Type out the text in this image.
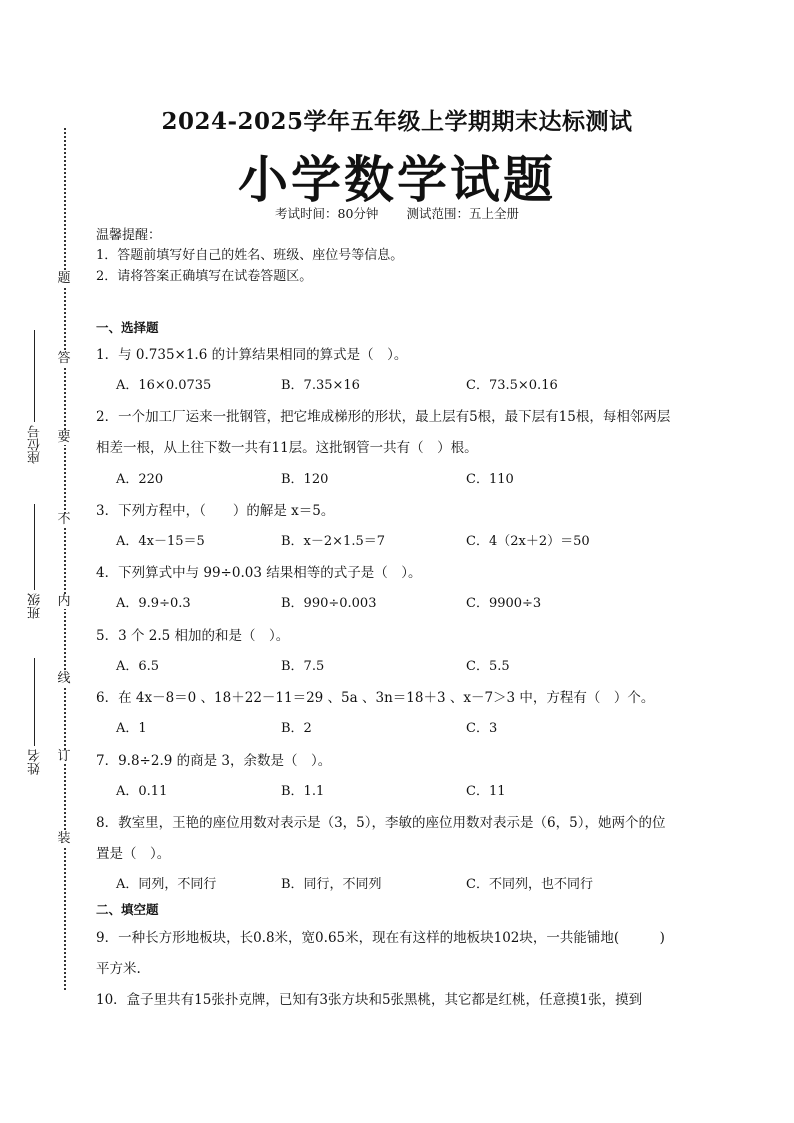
题
答
要
不
内
线
订
装
座位号
班级
姓名
2024-2025学年五年级上学期期末达标测试
小学数学试题
考试时间：80分钟 测试范围：五上全册
温馨提醒：
1．答题前填写好自己的姓名、班级、座位号等信息。
2．请将答案正确填写在试卷答题区。
一、选择题
1．与 0.735×1.6 的计算结果相同的算式是（　）。
A．16×0.0735	B．7.35×16	C．73.5×0.16
2．一个加工厂运来一批钢管，把它堆成梯形的形状，最上层有5根，最下层有15根，每相邻两层
相差一根，从上往下数一共有11层。这批钢管一共有（　）根。
A．220	B．120	C．110
3．下列方程中，（　　）的解是 x＝5。
A．4x－15＝5	B．x－2×1.5＝7	C．4（2x＋2）＝50
4．下列算式中与 99÷0.03 结果相等的式子是（　）。
A．9.9÷0.3	B．990÷0.003	C．9900÷3
5．3 个 2.5 相加的和是（　）。
A．6.5	B．7.5	C．5.5
6．在 4x－8＝0 、18＋22－11＝29 、5a 、3n＝18＋3 、x－7＞3 中，方程有（　）个。
A．1	B．2	C．3
7．9.8÷2.9 的商是 3，余数是（　）。
A．0.11	B．1.1	C．11
8．教室里，王艳的座位用数对表示是（3，5），李敏的座位用数对表示是（6，5），她两个的位
置是（　）。
A．同列，不同行	B．同行，不同列	C．不同列，也不同行
二、填空题
9．一种长方形地板块，长0.8米，宽0.65米，现在有这样的地板块102块，一共能铺地(　　　)
平方米.
10．盒子里共有15张扑克牌，已知有3张方块和5张黑桃，其它都是红桃，任意摸1张，摸到
